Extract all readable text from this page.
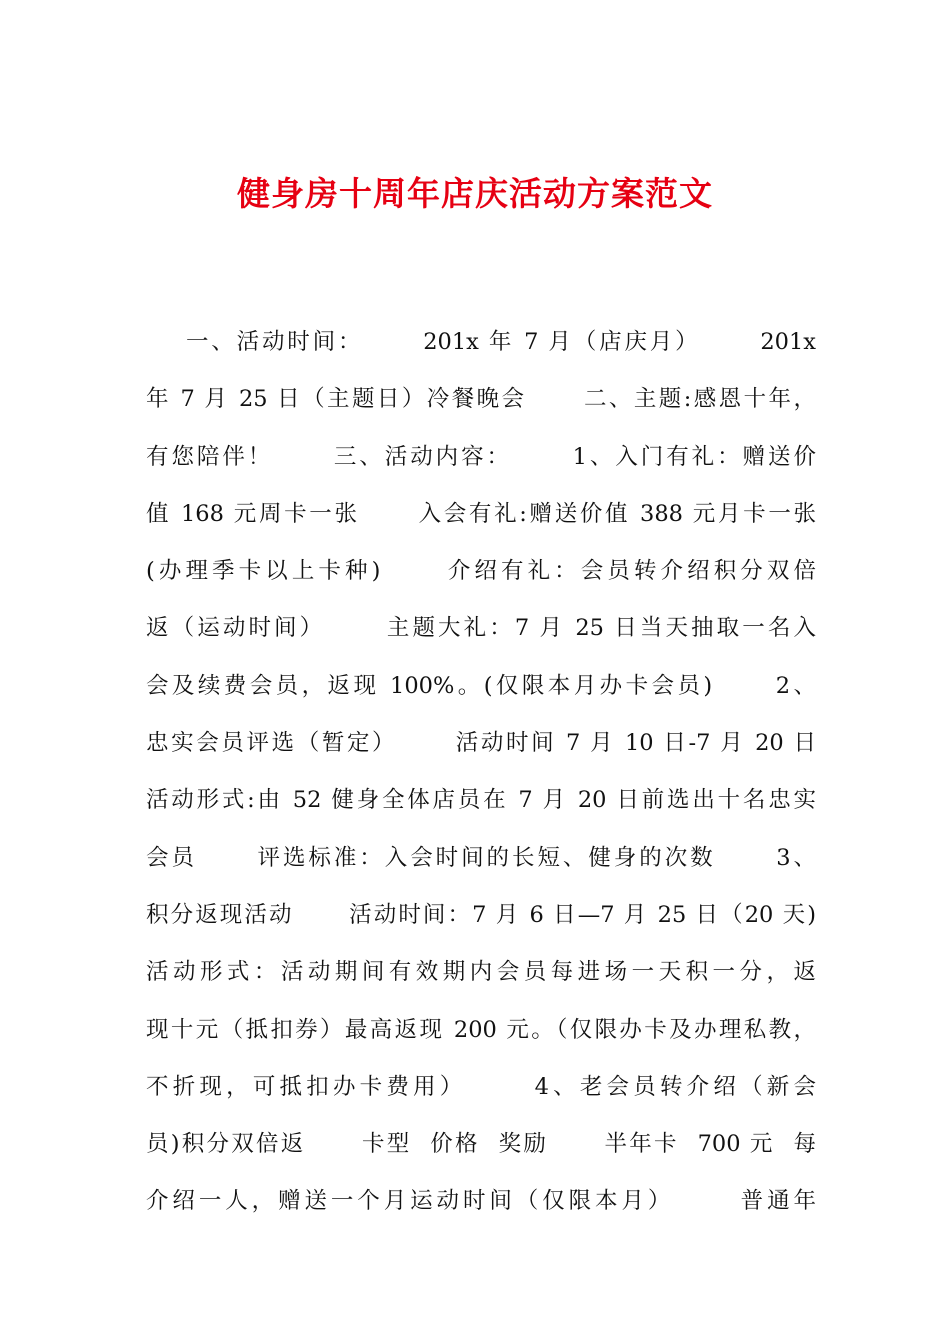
健身房十周年店庆活动方案范文
一、活动时间：      201x 年 7 月（店庆月）      201x
年 7 月 25 日（主题日）冷餐晚会      二、主题:感恩十年，
有您陪伴！      三、活动内容：      1、入门有礼：赠送价
值 168 元周卡一张      入会有礼:赠送价值 388 元月卡一张
(办理季卡以上卡种)      介绍有礼：会员转介绍积分双倍
返（运动时间）      主题大礼：7 月 25 日当天抽取一名入
会及续费会员，返现 100%。(仅限本月办卡会员)      2、
忠实会员评选（暂定）      活动时间 7 月 10 日-7 月 20 日
活动形式:由 52 健身全体店员在 7 月 20 日前选出十名忠实
会员      评选标准：入会时间的长短、健身的次数      3、
积分返现活动      活动时间：7 月 6 日—7 月 25 日（20 天)
活动形式：活动期间有效期内会员每进场一天积一分，返
现十元（抵扣券）最高返现 200 元。（仅限办卡及办理私教，
不折现，可抵扣办卡费用）      4、老会员转介绍（新会
员)积分双倍返      卡型  价格  奖励      半年卡  700 元  每
介绍一人，赠送一个月运动时间（仅限本月）      普通年
